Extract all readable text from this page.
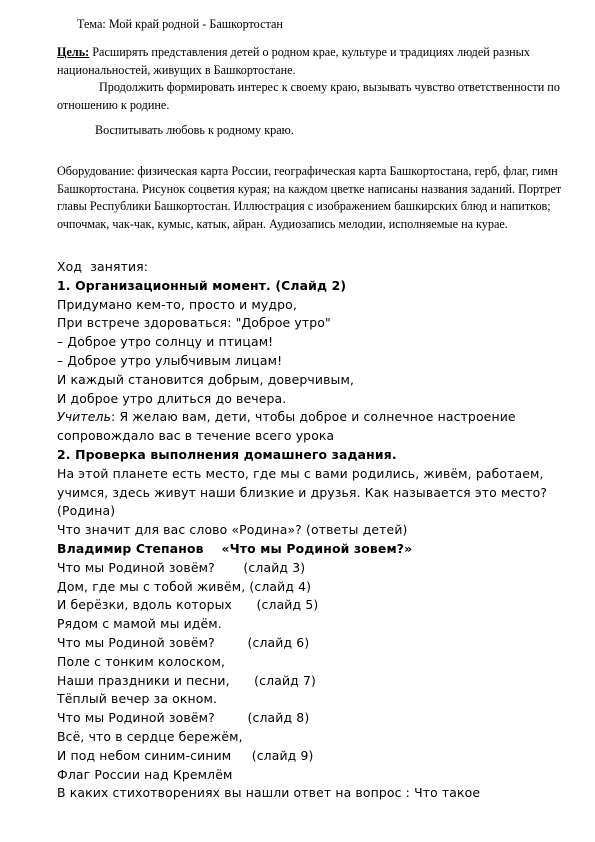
Тема: Мой край родной - Башкортостан
Цель: Расширять представления детей о родном крае, культуре и традициях людей разных национальностей, живущих в Башкортостане.
Продолжить формировать интерес к своему краю, вызывать чувство ответственности по отношению к родине.
Воспитывать любовь к родному краю.
Оборудование: физическая карта России, географическая карта Башкортостана, герб, флаг, гимн Башкортостана. Рисунок соцветия курая; на каждом цветке написаны названия заданий. Портрет главы Республики Башкортостан. Иллюстрация с изображением башкирских блюд и напитков; очпочмак, чак-чак, кумыс, катык, айран. Аудиозапись мелодии, исполняемые на курае.
Ход  занятия:
1. Организационный момент. (Слайд 2)
Придумано кем-то, просто и мудро,
При встрече здороваться: "Доброе утро"
– Доброе утро солнцу и птицам!
– Доброе утро улыбчивым лицам!
И каждый становится добрым, доверчивым,
И доброе утро длиться до вечера.
Учитель: Я желаю вам, дети, чтобы доброе и солнечное настроение сопровождало вас в течение всего урока
2. Проверка выполнения домашнего задания.
На этой планете есть место, где мы с вами родились, живём, работаем, учимся, здесь живут наши близкие и друзья. Как называется это место? (Родина)
Что значит для вас слово «Родина»? (ответы детей)
Владимир Степанов    «Что мы Родиной зовем?»
Что мы Родиной зовём?       (слайд 3)
Дом, где мы с тобой живём, (слайд 4)
И берёзки, вдоль которых      (слайд 5)
Рядом с мамой мы идём.
Что мы Родиной зовём?        (слайд 6)
Поле с тонким колоском,
Наши праздники и песни,      (слайд 7)
Тёплый вечер за окном.
Что мы Родиной зовём?        (слайд 8)
Всё, что в сердце бережём,
И под небом синим-синим     (слайд 9)
Флаг России над Кремлём
В каких стихотворениях вы нашли ответ на вопрос : Что такое
